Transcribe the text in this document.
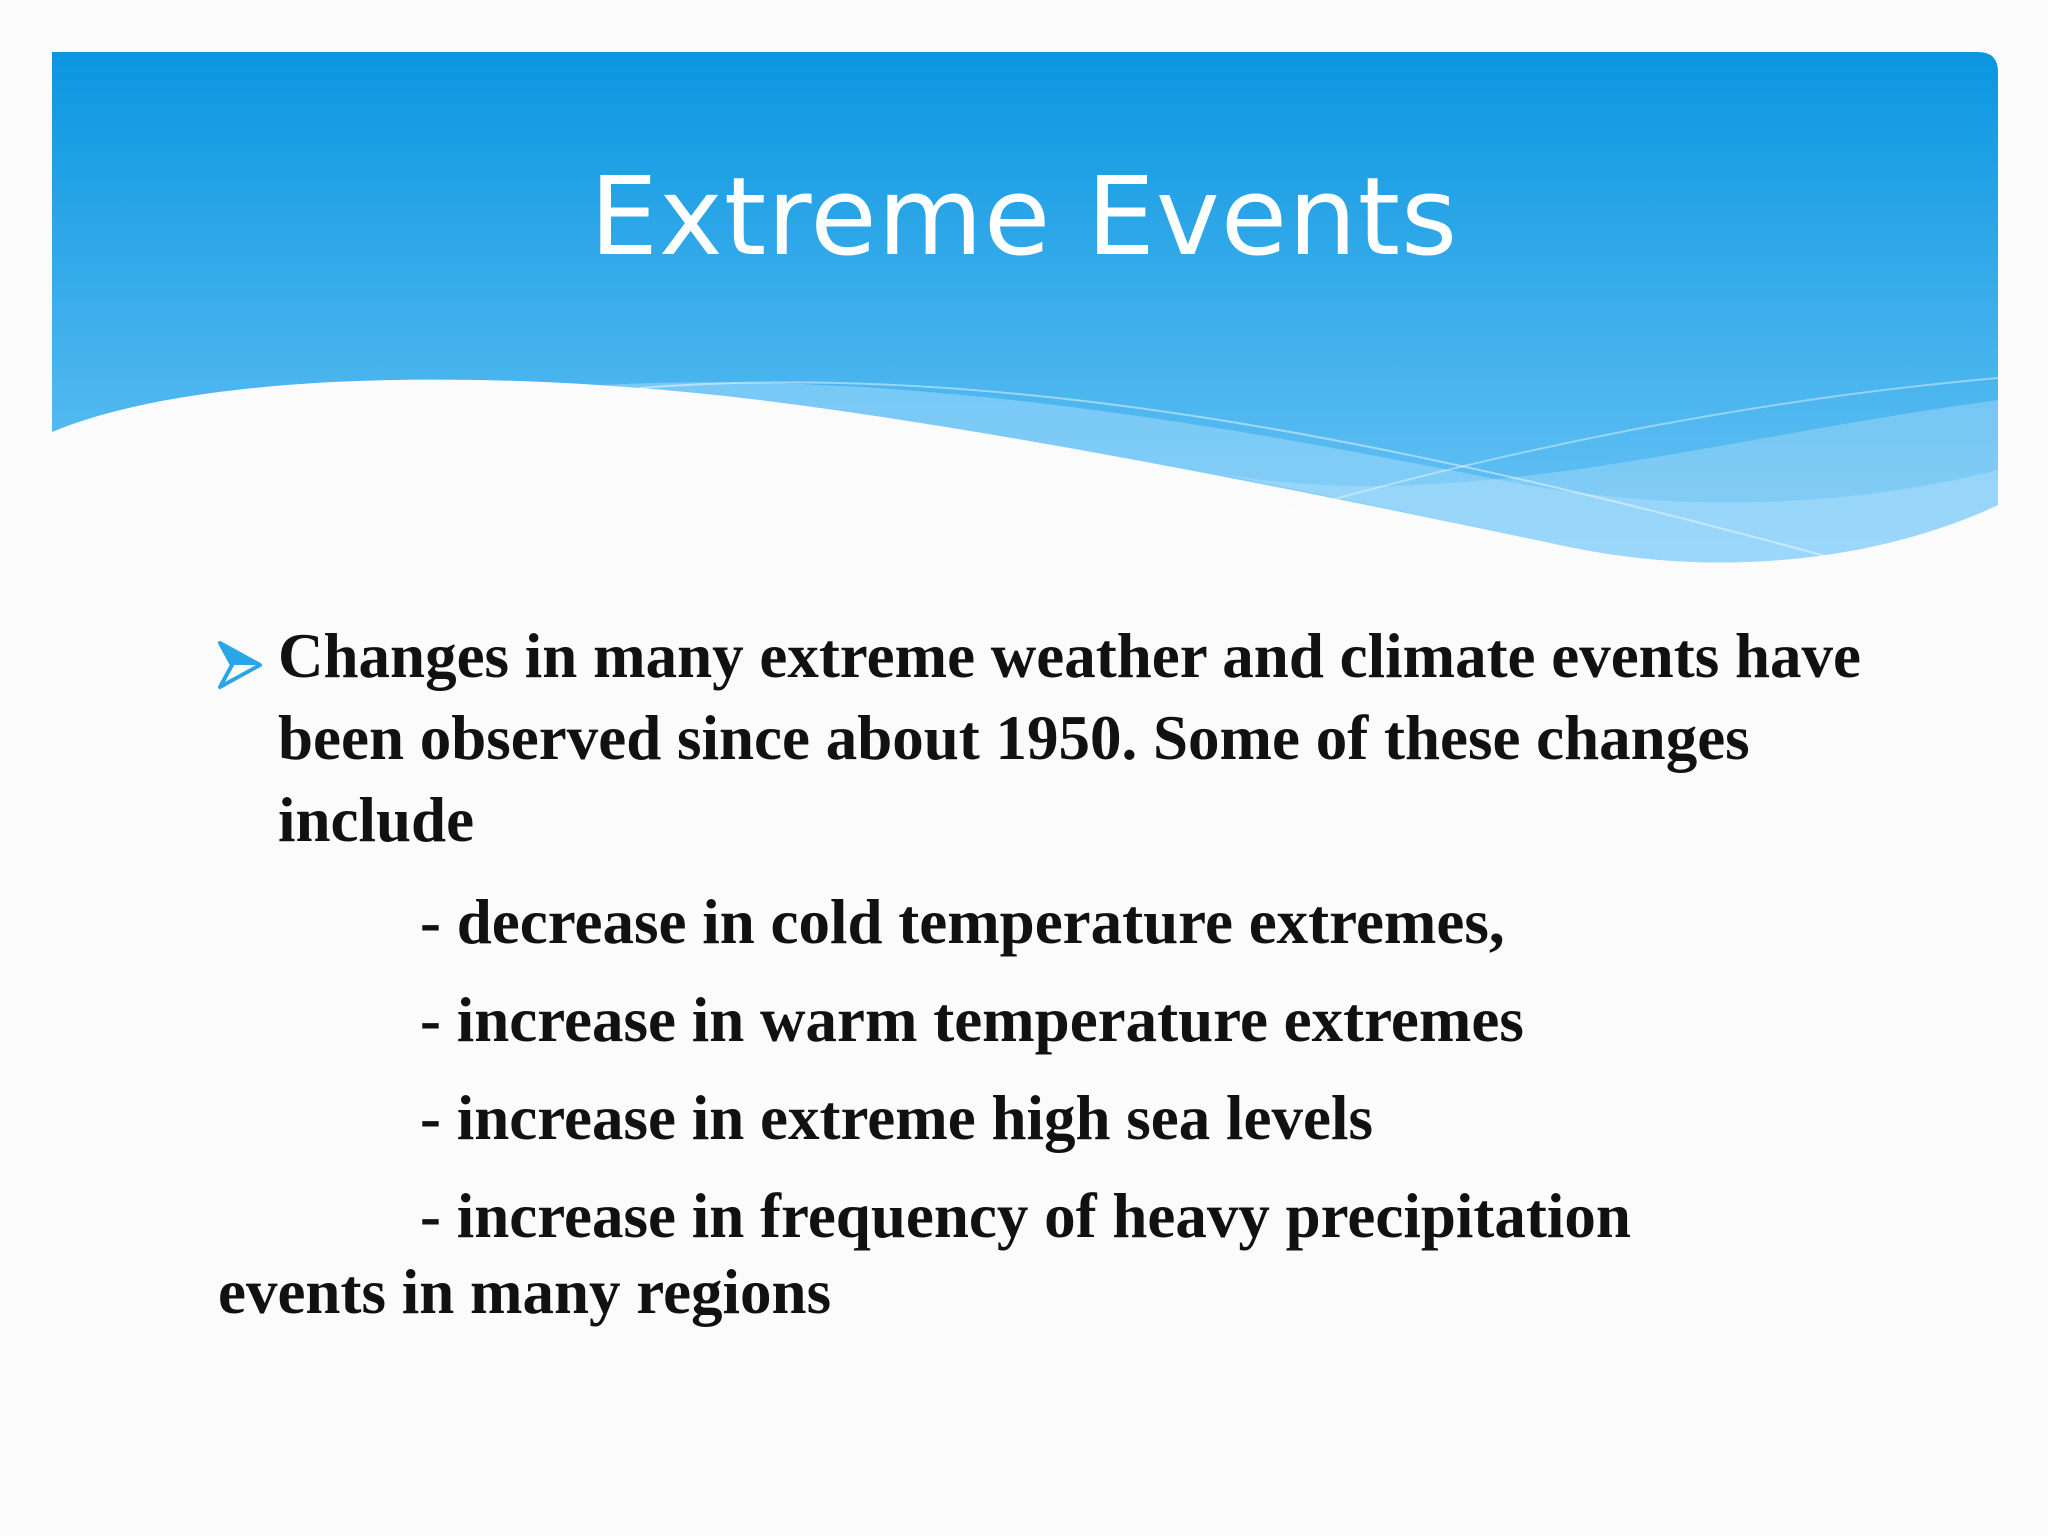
Extreme Events
Changes in many extreme weather and climate events have been observed since about 1950. Some of these changes include
- decrease in cold temperature extremes,
- increase in warm temperature extremes
- increase in extreme high sea levels
- increase in frequency of heavy precipitation
events in many regions
